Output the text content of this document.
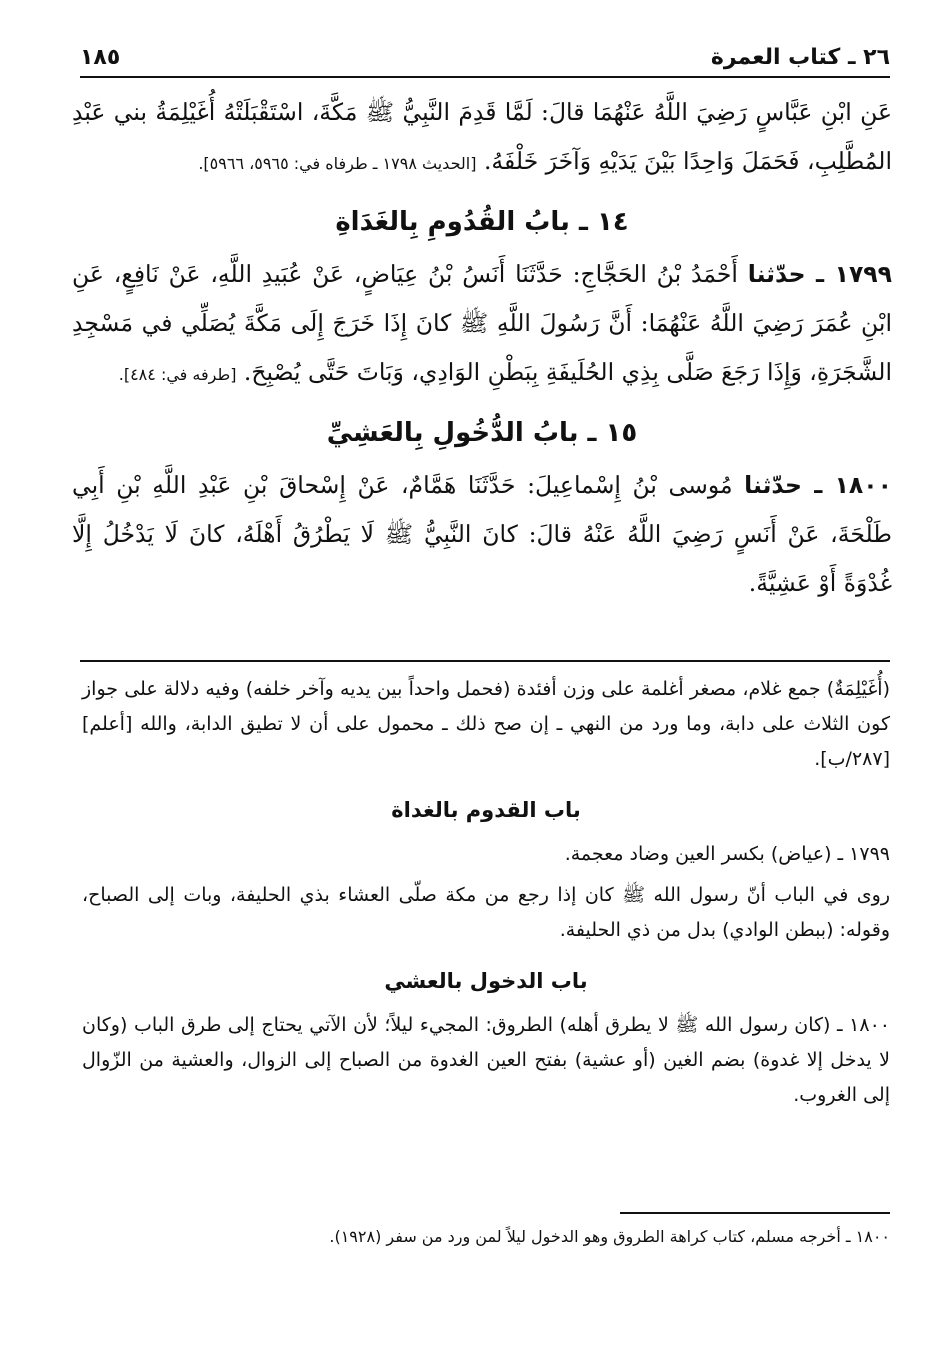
٢٦ ـ كتاب العمرة
١٨٥

عَنِ ابْنِ عَبَّاسٍ رَضِيَ اللَّهُ عَنْهُمَا قالَ: لَمَّا قَدِمَ النَّبِيُّ ﷺ مَكَّةَ، اسْتَقْبَلَتْهُ أُغَيْلِمَةُ بني عَبْدِ المُطَّلِبِ، فَحَمَلَ وَاحِدًا بَيْنَ يَدَيْهِ وَآخَرَ خَلْفَهُ. [الحديث ١٧٩٨ ـ طرفاه في: ٥٩٦٥، ٥٩٦٦].

١٤ ـ بابُ القُدُومِ بِالغَدَاةِ

١٧٩٩ ـ حدّثنا أَحْمَدُ بْنُ الحَجَّاجِ: حَدَّثَنَا أَنَسُ بْنُ عِيَاضٍ، عَنْ عُبَيدِ اللَّهِ، عَنْ نَافِعٍ، عَنِ ابْنِ عُمَرَ رَضِيَ اللَّهُ عَنْهُمَا: أَنَّ رَسُولَ اللَّهِ ﷺ كانَ إِذَا خَرَجَ إِلَى مَكَّةَ يُصَلِّي في مَسْجِدِ الشَّجَرَةِ، وَإِذَا رَجَعَ صَلَّى بِذِي الحُلَيفَةِ بِبَطْنِ الوَادِي، وَبَاتَ حَتَّى يُصْبِحَ. [طرفه في: ٤٨٤].

١٥ ـ بابُ الدُّخُولِ بِالعَشِيِّ

١٨٠٠ ـ حدّثنا مُوسى بْنُ إِسْماعِيلَ: حَدَّثَنَا هَمَّامٌ، عَنْ إِسْحاقَ بْنِ عَبْدِ اللَّهِ بْنِ أَبِي طَلْحَةَ، عَنْ أَنَسٍ رَضِيَ اللَّهُ عَنْهُ قالَ: كانَ النَّبِيُّ ﷺ لَا يَطْرُقُ أَهْلَهُ، كانَ لَا يَدْخُلُ إِلَّا غُدْوَةً أَوْ عَشِيَّةً.

(أُغَيْلِمَةٌ) جمع غلام، مصغر أغلمة على وزن أفئدة (فحمل واحداً بين يديه وآخر خلفه) وفيه دلالة على جواز كون الثلاث على دابة، وما ورد من النهي ـ إن صح ذلك ـ محمول على أن لا تطيق الدابة، والله [أعلم] [٢٨٧/ب].

باب القدوم بالغداة

١٧٩٩ ـ (عياض) بكسر العين وضاد معجمة.

روى في الباب أنّ رسول الله ﷺ كان إذا رجع من مكة صلّى العشاء بذي الحليفة، وبات إلى الصباح، وقوله: (ببطن الوادي) بدل من ذي الحليفة.

باب الدخول بالعشي

١٨٠٠ ـ (كان رسول الله ﷺ لا يطرق أهله) الطروق: المجيء ليلاً؛ لأن الآتي يحتاج إلى طرق الباب (وكان لا يدخل إلا غدوة) بضم الغين (أو عشية) بفتح العين الغدوة من الصباح إلى الزوال، والعشية من الزّوال إلى الغروب.

١٨٠٠ ـ أخرجه مسلم، كتاب كراهة الطروق وهو الدخول ليلاً لمن ورد من سفر (١٩٢٨).
